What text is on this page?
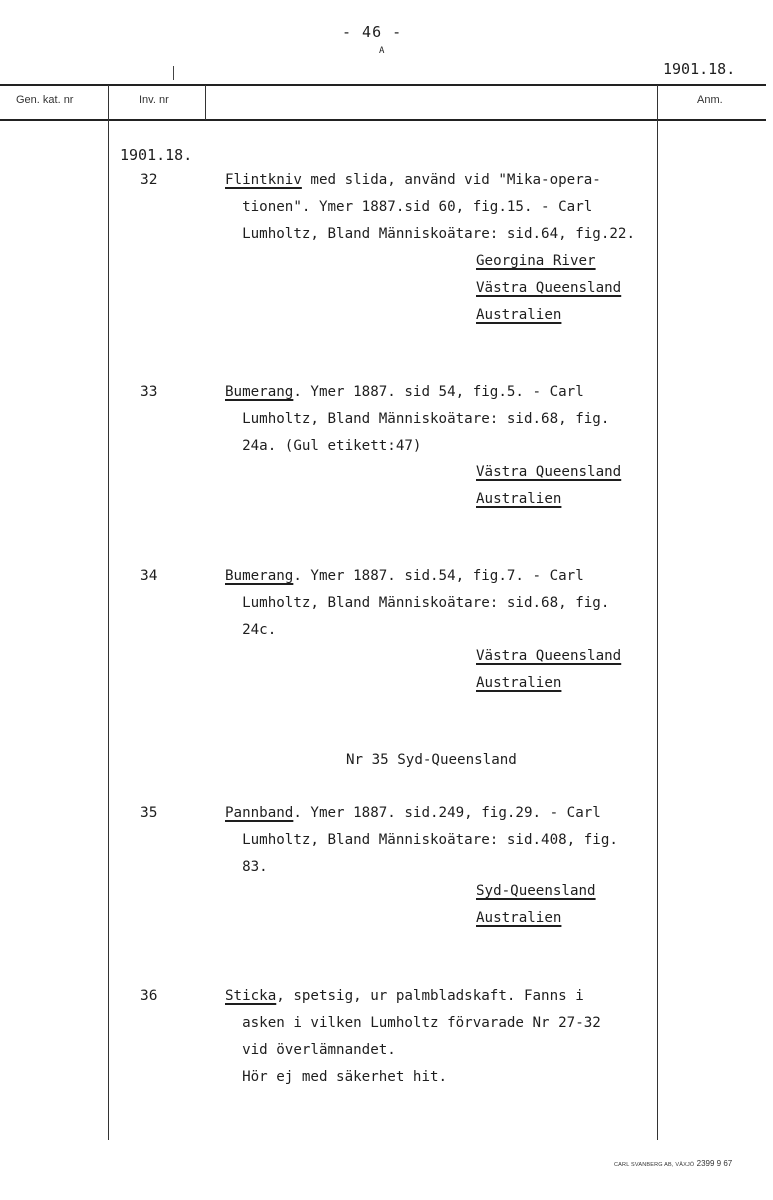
- 46 -
A
1901.18.
Gen. kat. nr	Inv. nr	Anm.
1901.18.
32	Flintkniv med slida, använd vid "Mika-opera-
tionen". Ymer 1887.sid 60, fig.15. - Carl
Lumholtz, Bland Människoätare: sid.64, fig.22.
Georgina River
Västra Queensland
Australien
33	Bumerang. Ymer 1887. sid 54, fig.5. - Carl
Lumholtz, Bland Människoätare: sid.68, fig.
24a. (Gul etikett:47)
Västra Queensland
Australien
34	Bumerang. Ymer 1887. sid.54, fig.7. - Carl
Lumholtz, Bland Människoätare: sid.68, fig.
24c.
Västra Queensland
Australien
Nr 35 Syd-Queensland
35	Pannband. Ymer 1887. sid.249, fig.29. - Carl
Lumholtz, Bland Människoätare: sid.408, fig.
83.
Syd-Queensland
Australien
36	Sticka, spetsig, ur palmbladskaft. Fanns i
asken i vilken Lumholtz förvarade Nr 27-32
vid överlämnandet.
Hör ej med säkerhet hit.
CARL SVANBERG AB, VÄXJÖ 2399 9 67
